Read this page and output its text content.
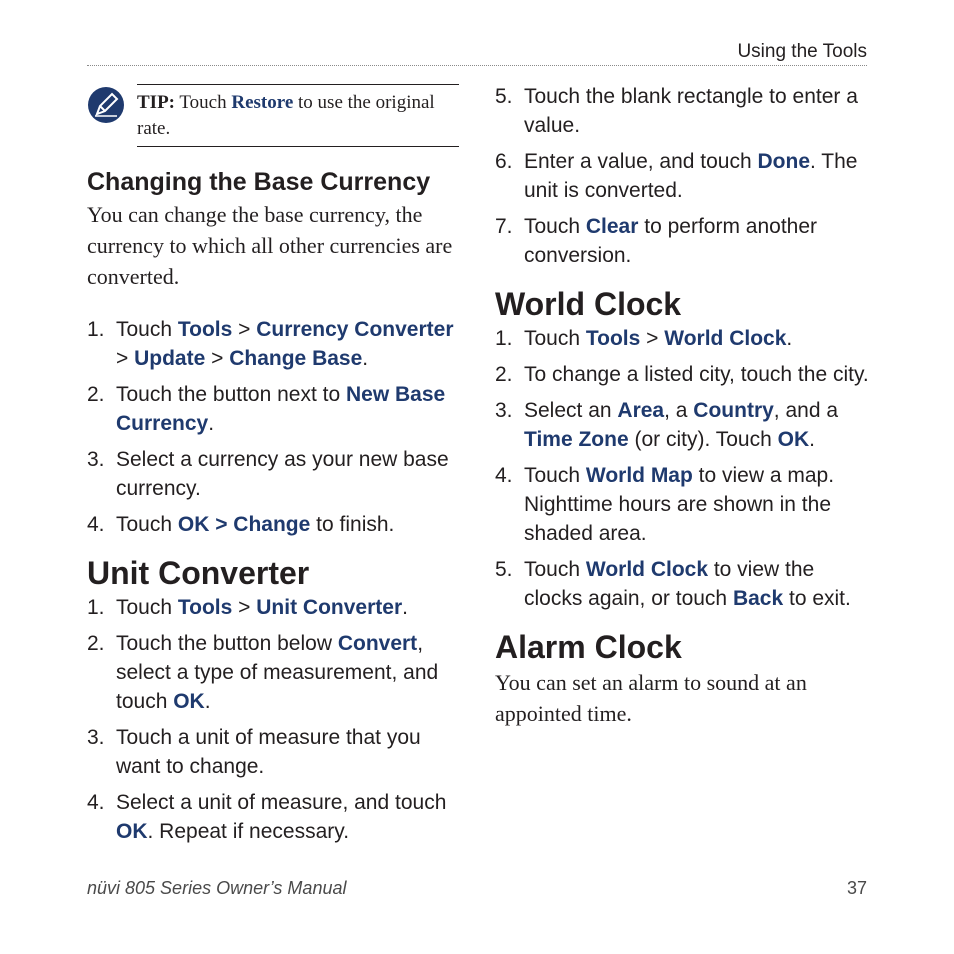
Using the Tools
TIP: Touch Restore to use the original rate.
Changing the Base Currency

You can change the base currency, the currency to which all other currencies are converted.

1. Touch Tools > Currency Converter
> Update > Change Base.
2. Touch the button next to New Base Currency.
3. Select a currency as your new base currency.
4. Touch OK > Change to finish.
Unit Converter
1. Touch Tools > Unit Converter.
2. Touch the button below Convert, select a type of measurement, and touch OK.
3. Touch a unit of measure that you want to change.
4. Select a unit of measure, and touch OK. Repeat if necessary.
5. Touch the blank rectangle to enter a value.
6. Enter a value, and touch Done. The unit is converted.
7. Touch Clear to perform another conversion.
World Clock
1. Touch Tools > World Clock.
2. To change a listed city, touch the city.
3. Select an Area, a Country, and a Time Zone (or city). Touch OK.
4. Touch World Map to view a map. Nighttime hours are shown in the shaded area.
5. Touch World Clock to view the clocks again, or touch Back to exit.
Alarm Clock

You can set an alarm to sound at an appointed time.

nüvi 805 Series Owner’s Manual	37
